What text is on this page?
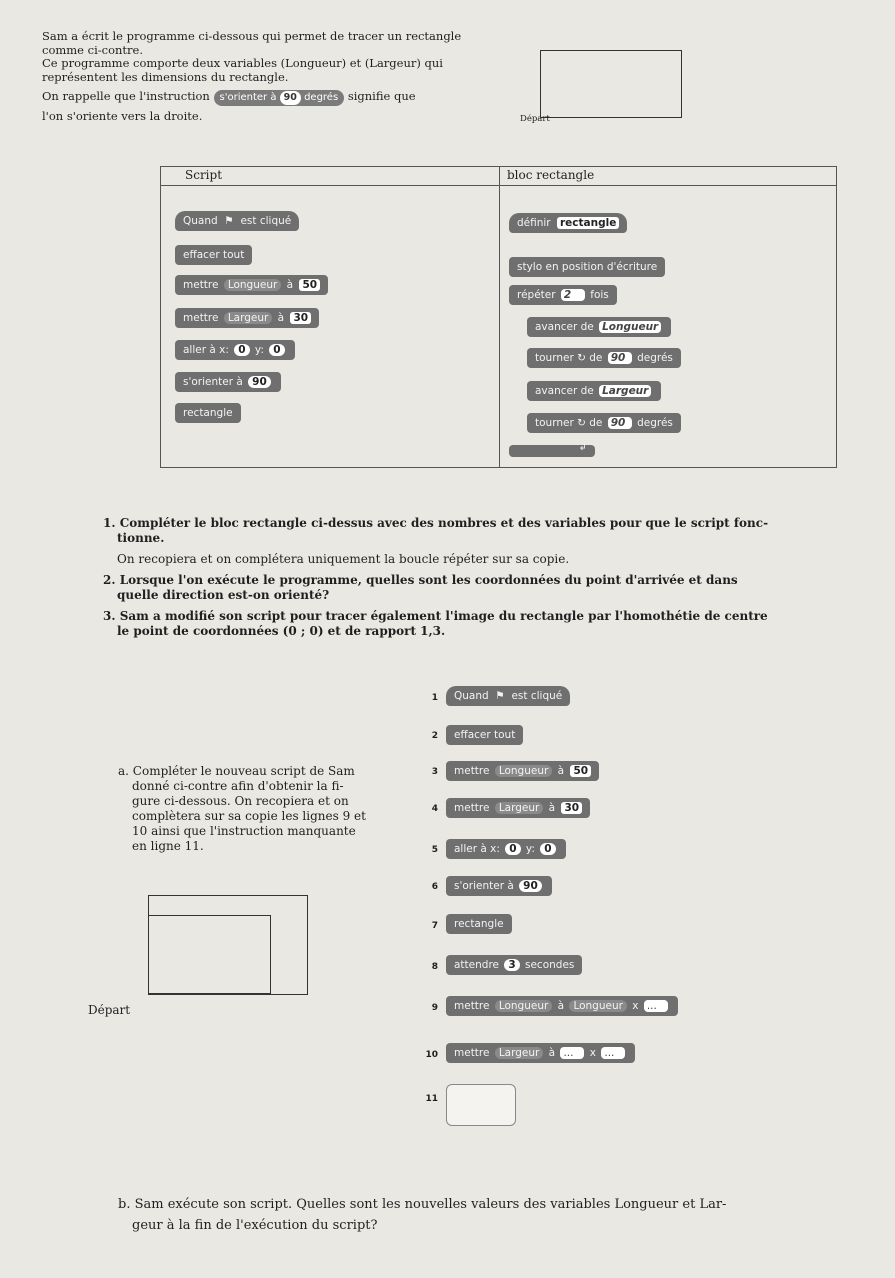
Sam a écrit le programme ci-dessous qui permet de tracer un rectangle

comme ci-contre.

Ce programme comporte deux variables (Longueur) et (Largeur) qui

représentent les dimensions du rectangle.

On rappelle que l'instruction s'orienter à 90 degrés signifie que

l'on s'oriente vers la droite.	Départ
Script	bloc rectangle
Quand  ⚑  est cliqué
effacer tout
mettre Longueur à 50
mettre Largeur à 30
aller à x: 0 y: 0
s'orienter à 90
rectangle
définir rectangle
stylo en position d'écriture
répéter 2 fois
avancer de Longueur
tourner ↻ de 90 degrés
avancer de Largeur
tourner ↻ de 90 degrés
↲

1. Compléter le bloc rectangle ci-dessus avec des nombres et des variables pour que le script fonc-
tionne.

On recopiera et on complétera uniquement la boucle répéter sur sa copie.

2. Lorsque l'on exécute le programme, quelles sont les coordonnées du point d'arrivée et dans
quelle direction est-on orienté?

3. Sam a modifié son script pour tracer également l'image du rectangle par l'homothétie de centre
le point de coordonnées (0 ; 0) et de rapport 1,3.

a. Compléter le nouveau script de Sam
donné ci-contre afin d'obtenir la fi-
gure ci-dessous. On recopiera et on
complètera sur sa copie les lignes 9 et
10 ainsi que l'instruction manquante
en ligne 11.
Départ
1	Quand  ⚑  est cliqué
2	effacer tout
3	mettre Longueur à 50
4	mettre Largeur à 30
5	aller à x: 0 y: 0
6	s'orienter à 90
7	rectangle
8	attendre 3 secondes
9	mettre Longueur à Longueur x ...
10	mettre Largeur à ... x ...
11
b. Sam exécute son script. Quelles sont les nouvelles valeurs des variables Longueur et Lar-
geur à la fin de l'exécution du script?
